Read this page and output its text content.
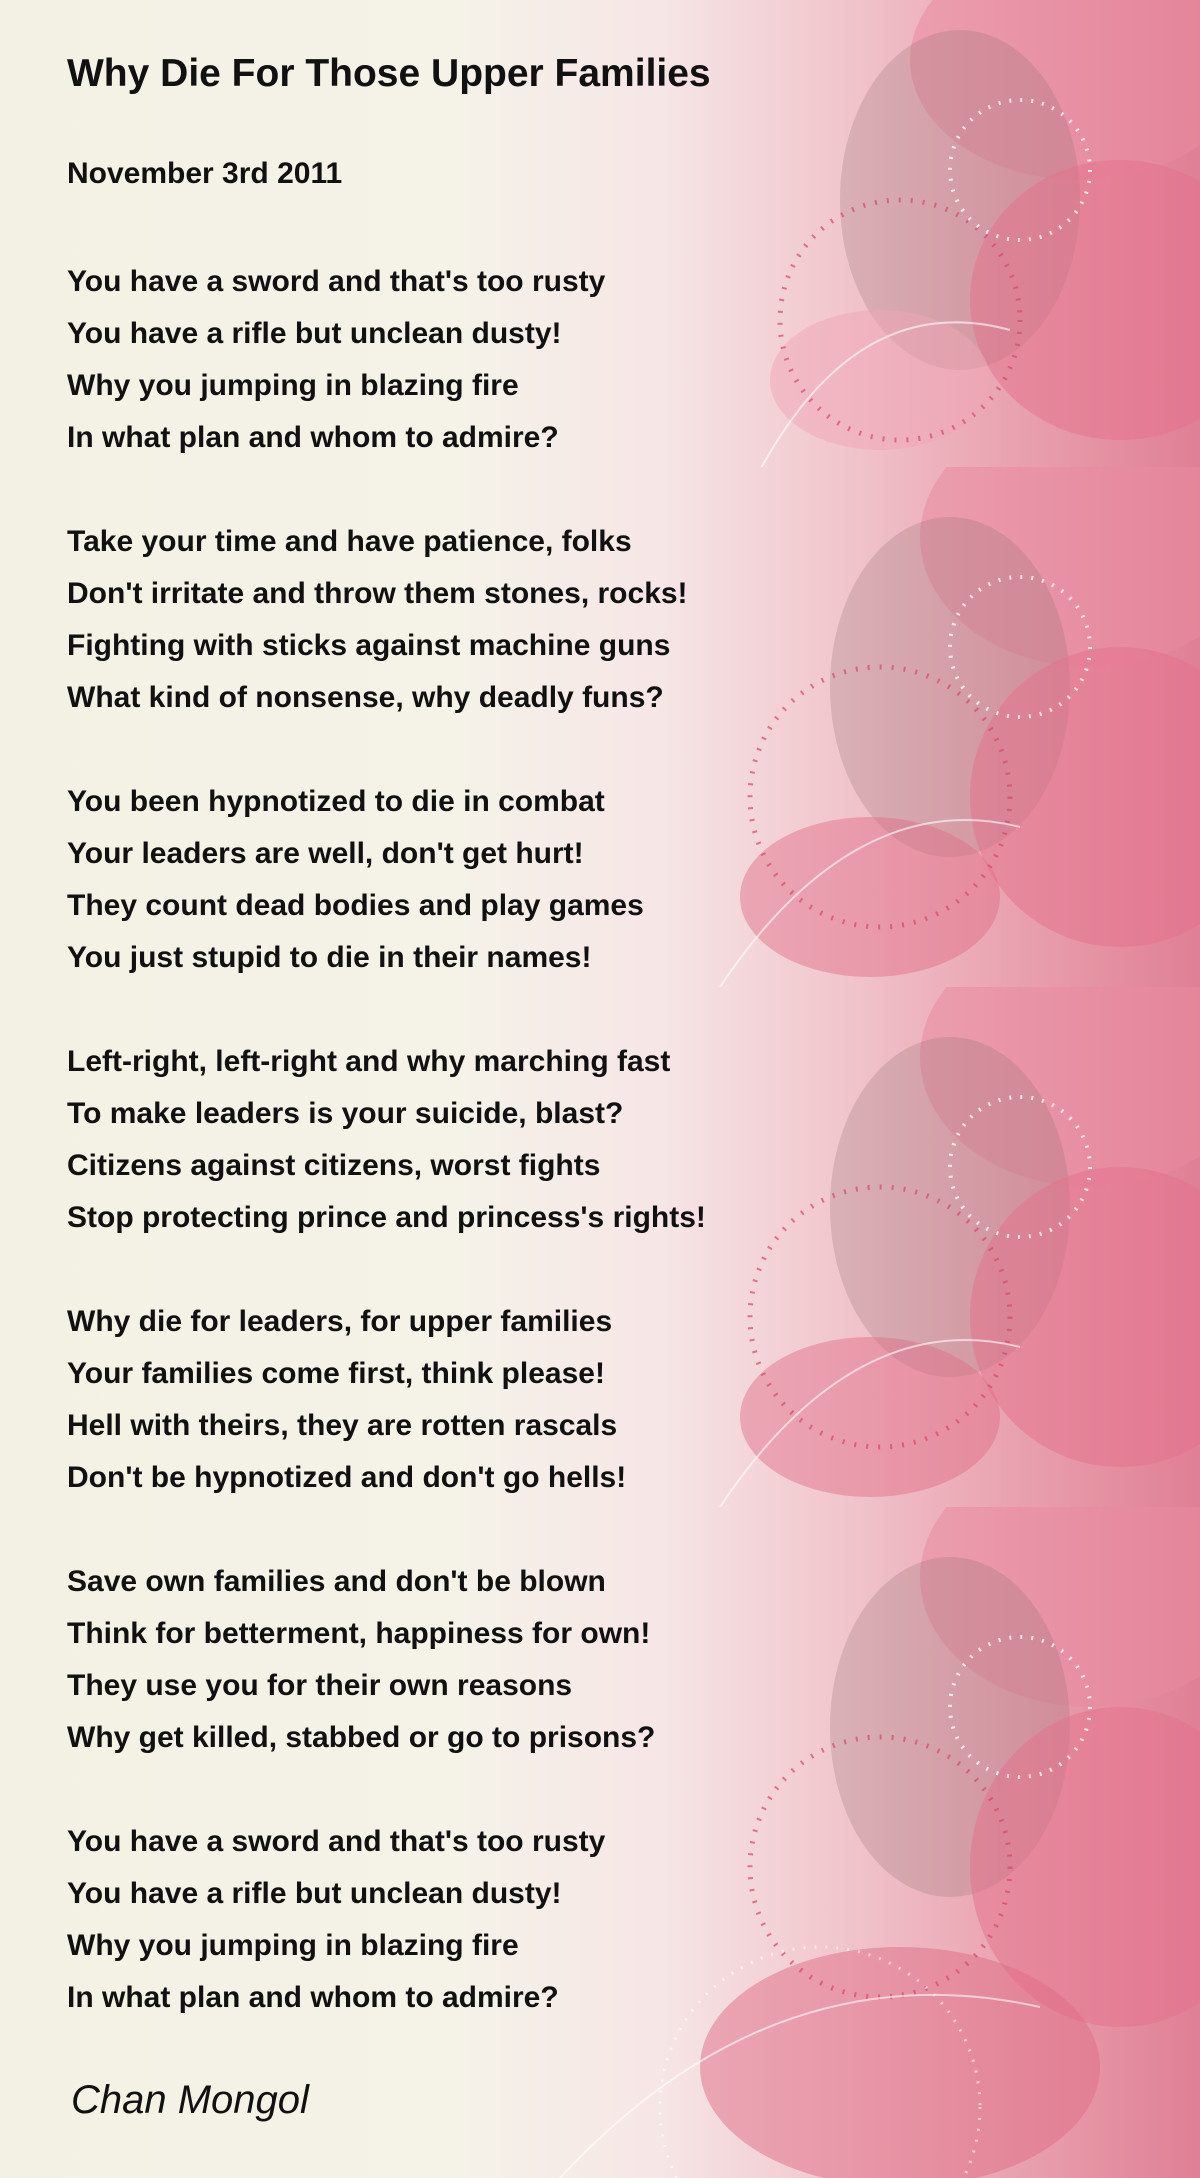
Why Die For Those Upper Families
November 3rd 2011
You have a sword and that's too rusty
You have a rifle but unclean dusty!
Why you jumping in blazing fire
In what plan and whom to admire?
Take your time and have patience, folks
Don't irritate and throw them stones, rocks!
Fighting with sticks against machine guns
What kind of nonsense, why deadly funs?
You been hypnotized to die in combat
Your leaders are well, don't get hurt!
They count dead bodies and play games
You just stupid to die in their names!
Left-right, left-right and why marching fast
To make leaders is your suicide, blast?
Citizens against citizens, worst fights
Stop protecting prince and princess's rights!
Why die for leaders, for upper families
Your families come first, think please!
Hell with theirs, they are rotten rascals
Don't be hypnotized and don't go hells!
Save own families and don't be blown
Think for betterment, happiness for own!
They use you for their own reasons
Why get killed, stabbed or go to prisons?
You have a sword and that's too rusty
You have a rifle but unclean dusty!
Why you jumping in blazing fire
In what plan and whom to admire?
Chan Mongol
